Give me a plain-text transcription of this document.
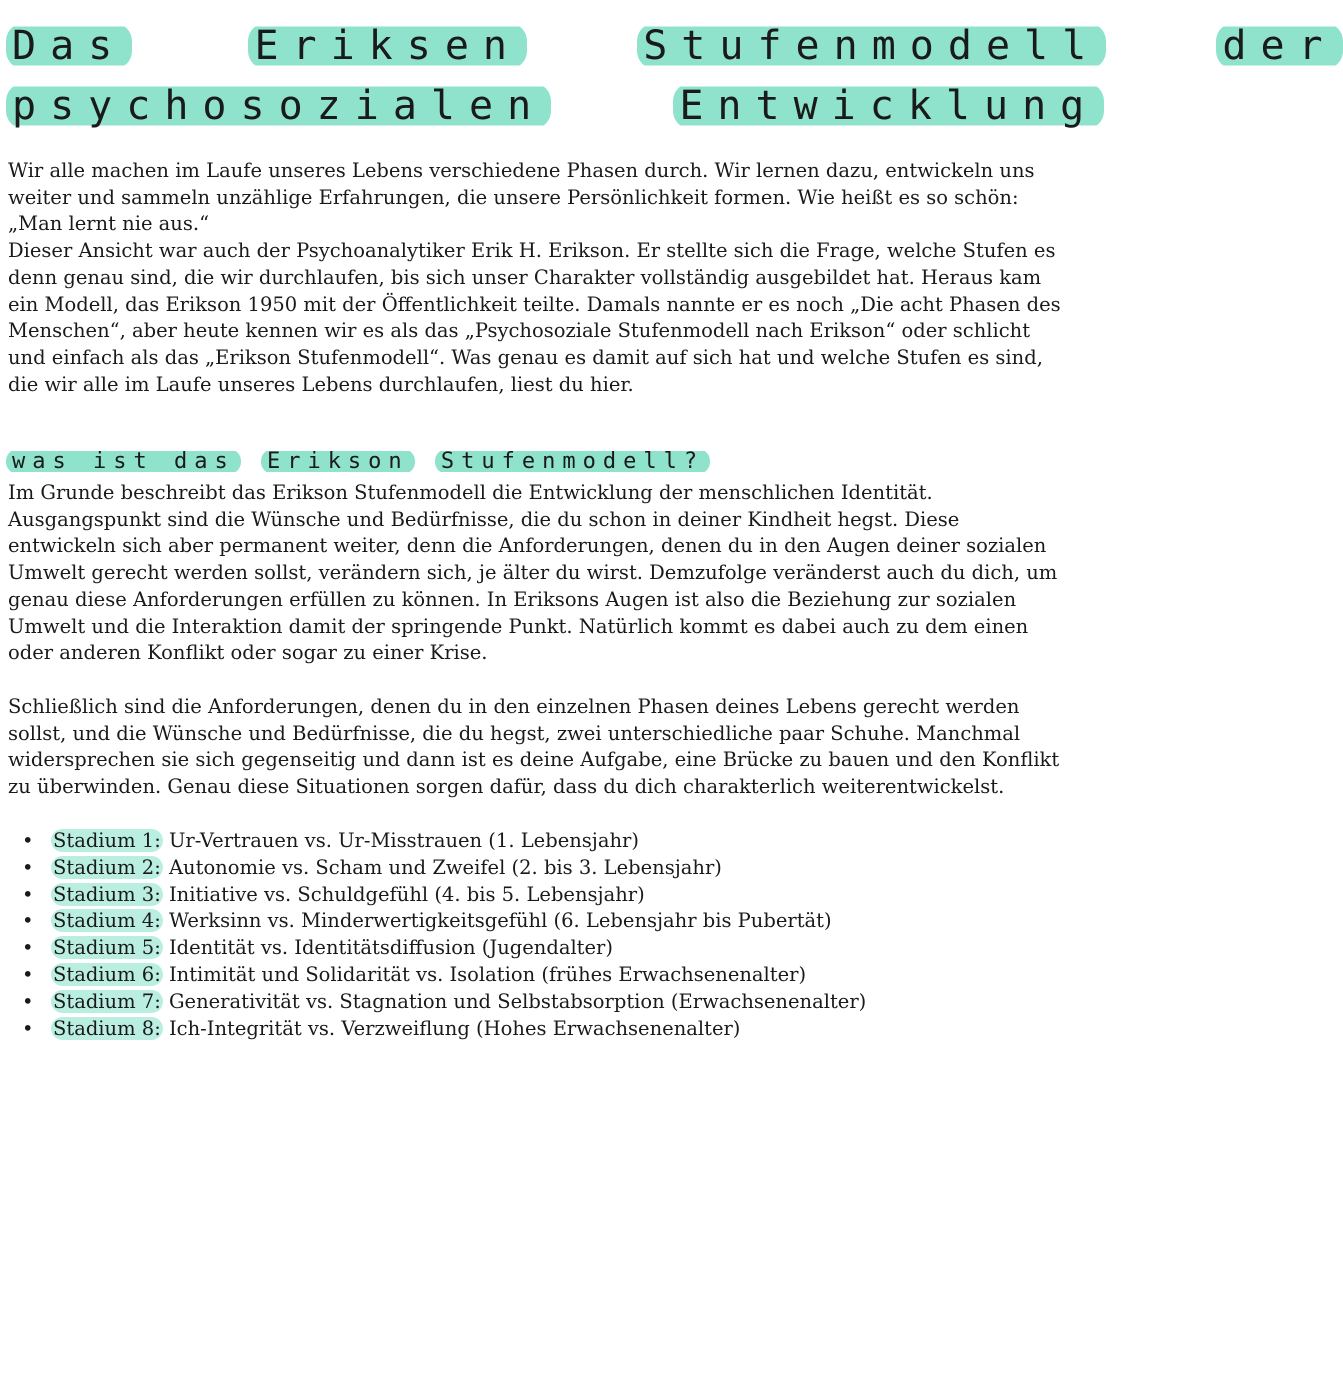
Das	Eriksen	Stufenmodell	der
psychosozialen	Entwicklung

Wir alle machen im Laufe unseres Lebens verschiedene Phasen durch. Wir lernen dazu, entwickeln uns weiter und sammeln unzählige Erfahrungen, die unsere Persönlichkeit formen. Wie heißt es so schön: „Man lernt nie aus.“
Dieser Ansicht war auch der Psychoanalytiker Erik H. Erikson. Er stellte sich die Frage, welche Stufen es denn genau sind, die wir durchlaufen, bis sich unser Charakter vollständig ausgebildet hat. Heraus kam ein Modell, das Erikson 1950 mit der Öffentlichkeit teilte. Damals nannte er es noch „Die acht Phasen des Menschen“, aber heute kennen wir es als das „Psychosoziale Stufenmodell nach Erikson“ oder schlicht und einfach als das „Erikson Stufenmodell“. Was genau es damit auf sich hat und welche Stufen es sind, die wir alle im Laufe unseres Lebens durchlaufen, liest du hier.

was ist das Erikson Stufenmodell?

Im Grunde beschreibt das Erikson Stufenmodell die Entwicklung der menschlichen Identität. Ausgangspunkt sind die Wünsche und Bedürfnisse, die du schon in deiner Kindheit hegst. Diese entwickeln sich aber permanent weiter, denn die Anforderungen, denen du in den Augen deiner sozialen Umwelt gerecht werden sollst, verändern sich, je älter du wirst. Demzufolge veränderst auch du dich, um genau diese Anforderungen erfüllen zu können. In Eriksons Augen ist also die Beziehung zur sozialen Umwelt und die Interaktion damit der springende Punkt. Natürlich kommt es dabei auch zu dem einen oder anderen Konflikt oder sogar zu einer Krise.

Schließlich sind die Anforderungen, denen du in den einzelnen Phasen deines Lebens gerecht werden sollst, und die Wünsche und Bedürfnisse, die du hegst, zwei unterschiedliche paar Schuhe. Manchmal widersprechen sie sich gegenseitig und dann ist es deine Aufgabe, eine Brücke zu bauen und den Konflikt zu überwinden. Genau diese Situationen sorgen dafür, dass du dich charakterlich weiterentwickelst.

• Stadium 1: Ur-Vertrauen vs. Ur-Misstrauen (1. Lebensjahr)
• Stadium 2: Autonomie vs. Scham und Zweifel (2. bis 3. Lebensjahr)
• Stadium 3: Initiative vs. Schuldgefühl (4. bis 5. Lebensjahr)
• Stadium 4: Werksinn vs. Minderwertigkeitsgefühl (6. Lebensjahr bis Pubertät)
• Stadium 5: Identität vs. Identitätsdiffusion (Jugendalter)
• Stadium 6: Intimität und Solidarität vs. Isolation (frühes Erwachsenenalter)
• Stadium 7: Generativität vs. Stagnation und Selbstabsorption (Erwachsenenalter)
• Stadium 8: Ich-Integrität vs. Verzweiflung (Hohes Erwachsenenalter)
